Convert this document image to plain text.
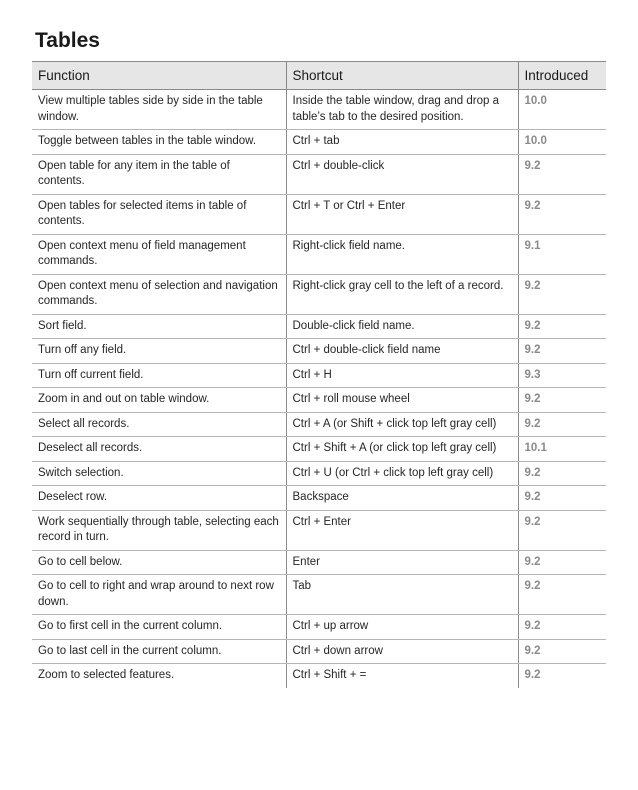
Tables
Function	Shortcut	Introduced
View multiple tables side by side in the table window.	Inside the table window, drag and drop a table’s tab to the desired position.	10.0
Toggle between tables in the table window.	Ctrl + tab	10.0
Open table for any item in the table of contents.	Ctrl + double-click	9.2
Open tables for selected items in table of contents.	Ctrl + T or Ctrl + Enter	9.2
Open context menu of field management commands.	Right-click field name.	9.1
Open context menu of selection and navigation commands.	Right-click gray cell to the left of a record.	9.2
Sort field.	Double-click field name.	9.2
Turn off any field.	Ctrl + double-click field name	9.2
Turn off current field.	Ctrl + H	9.3
Zoom in and out on table window.	Ctrl + roll mouse wheel	9.2
Select all records.	Ctrl + A (or Shift + click top left gray cell)	9.2
Deselect all records.	Ctrl + Shift + A (or click top left gray cell)	10.1
Switch selection.	Ctrl + U (or Ctrl + click top left gray cell)	9.2
Deselect row.	Backspace	9.2
Work sequentially through table, selecting each record in turn.	Ctrl + Enter	9.2
Go to cell below.	Enter	9.2
Go to cell to right and wrap around to next row down.	Tab	9.2
Go to first cell in the current column.	Ctrl + up arrow	9.2
Go to last cell in the current column.	Ctrl + down arrow	9.2
Zoom to selected features.	Ctrl + Shift + =	9.2
